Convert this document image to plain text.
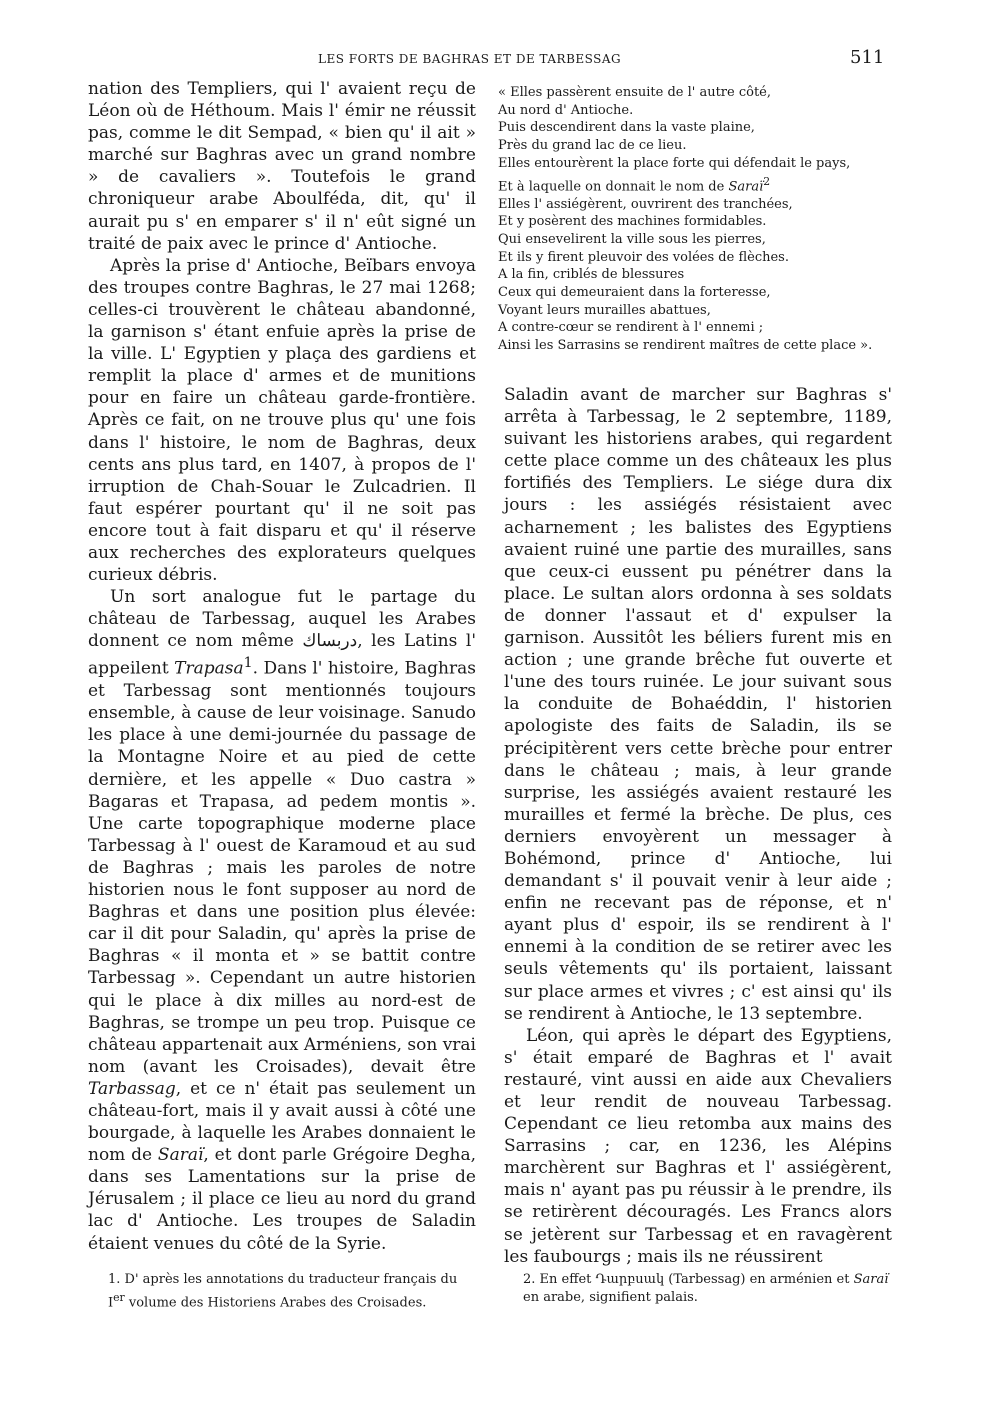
LES FORTS DE BAGHRAS ET DE TARBESSAG	511

nation des Templiers, qui l' avaient reçu de Léon où de Héthoum. Mais l' émir ne réussit pas, comme le dit Sempad, « bien qu' il ait » marché sur Baghras avec un grand nombre » de cavaliers ». Toutefois le grand chroniqueur arabe Aboulféda, dit, qu' il aurait pu s' en emparer s' il n' eût signé un traité de paix avec le prince d' Antioche.

Après la prise d' Antioche, Beïbars envoya des troupes contre Baghras, le 27 mai 1268; celles-ci trouvèrent le château abandonné, la garnison s' étant enfuie après la prise de la ville. L' Egyptien y plaça des gardiens et remplit la place d' armes et de munitions pour en faire un château garde-frontière. Après ce fait, on ne trouve plus qu' une fois dans l' histoire, le nom de Baghras, deux cents ans plus tard, en 1407, à propos de l' irruption de Chah-Souar le Zulcadrien. Il faut espérer pourtant qu' il ne soit pas encore tout à fait disparu et qu' il réserve aux recherches des explorateurs quelques curieux débris.

Un sort analogue fut le partage du château de Tarbessag, auquel les Arabes donnent ce nom même دربساك, les Latins l' appeilent Trapasa$^1$. Dans l' histoire, Baghras et Tarbessag sont mentionnés toujours ensemble, à cause de leur voisinage. Sanudo les place à une demi-journée du passage de la Montagne Noire et au pied de cette dernière, et les appelle « Duo castra » Bagaras et Trapasa, ad pedem montis ». Une carte topographique moderne place Tarbessag à l' ouest de Karamoud et au sud de Baghras ; mais les paroles de notre historien nous le font supposer au nord de Baghras et dans une position plus élevée: car il dit pour Saladin, qu' après la prise de Baghras « il monta et » se battit contre Tarbessag ». Cependant un autre historien qui le place à dix milles au nord-est de Baghras, se trompe un peu trop. Puisque ce château appartenait aux Arméniens, son vrai nom (avant les Croisades), devait être Tarbassag, et ce n' était pas seulement un château-fort, mais il y avait aussi à côté une bourgade, à laquelle les Arabes donnaient le nom de Saraï, et dont parle Grégoire Degha, dans ses Lamentations sur la prise de Jérusalem ; il place ce lieu au nord du grand lac d' Antioche. Les troupes de Saladin étaient venues du côté de la Syrie.

« Elles passèrent ensuite de l' autre côté,
Au nord d' Antioche.
Puis descendirent dans la vaste plaine,
Près du grand lac de ce lieu.
Elles entourèrent la place forte qui défendait le pays,
Et à laquelle on donnait le nom de Saraï$^2$
Elles l' assiégèrent, ouvrirent des tranchées,
Et y posèrent des machines formidables.
Qui ensevelirent la ville sous les pierres,
Et ils y firent pleuvoir des volées de flèches.
A la fin, criblés de blessures
Ceux qui demeuraient dans la forteresse,
Voyant leurs murailles abattues,
A contre-cœur se rendirent à l' ennemi ;
Ainsi les Sarrasins se rendirent maîtres de cette place ».

Saladin avant de marcher sur Baghras s' arrêta à Tarbessag, le 2 septembre, 1189, suivant les historiens arabes, qui regardent cette place comme un des châteaux les plus fortifiés des Templiers. Le siége dura dix jours : les assiégés résistaient avec acharnement ; les balistes des Egyptiens avaient ruiné une partie des murailles, sans que ceux-ci eussent pu pénétrer dans la place. Le sultan alors ordonna à ses soldats de donner l'assaut et d' expulser la garnison. Aussitôt les béliers furent mis en action ; une grande brêche fut ouverte et l'une des tours ruinée. Le jour suivant sous la conduite de Bohaéddin, l' historien apologiste des faits de Saladin, ils se précipitèrent vers cette brèche pour entrer dans le château ; mais, à leur grande surprise, les assiégés avaient restauré les murailles et fermé la brèche. De plus, ces derniers envoyèrent un messager à Bohémond, prince d' Antioche, lui demandant s' il pouvait venir à leur aide ; enfin ne recevant pas de réponse, et n' ayant plus d' espoir, ils se rendirent à l' ennemi à la condition de se retirer avec les seuls vêtements qu' ils portaient, laissant sur place armes et vivres ; c' est ainsi qu' ils se rendirent à Antioche, le 13 septembre.

Léon, qui après le départ des Egyptiens, s' était emparé de Baghras et l' avait restauré, vint aussi en aide aux Chevaliers et leur rendit de nouveau Tarbessag. Cependant ce lieu retomba aux mains des Sarrasins ; car, en 1236, les Alépins marchèrent sur Baghras et l' assiégèrent, mais n' ayant pas pu réussir à le prendre, ils se retirèrent découragés. Les Francs alors se jetèrent sur Tarbessag et en ravagèrent les faubourgs ; mais ils ne réussirent

1. D' après les annotations du traducteur français du
Ier volume des Historiens Arabes des Croisades.
2. En effet Դարբսակ (Tarbessag) en arménien et Saraï en arabe, signifient palais.
